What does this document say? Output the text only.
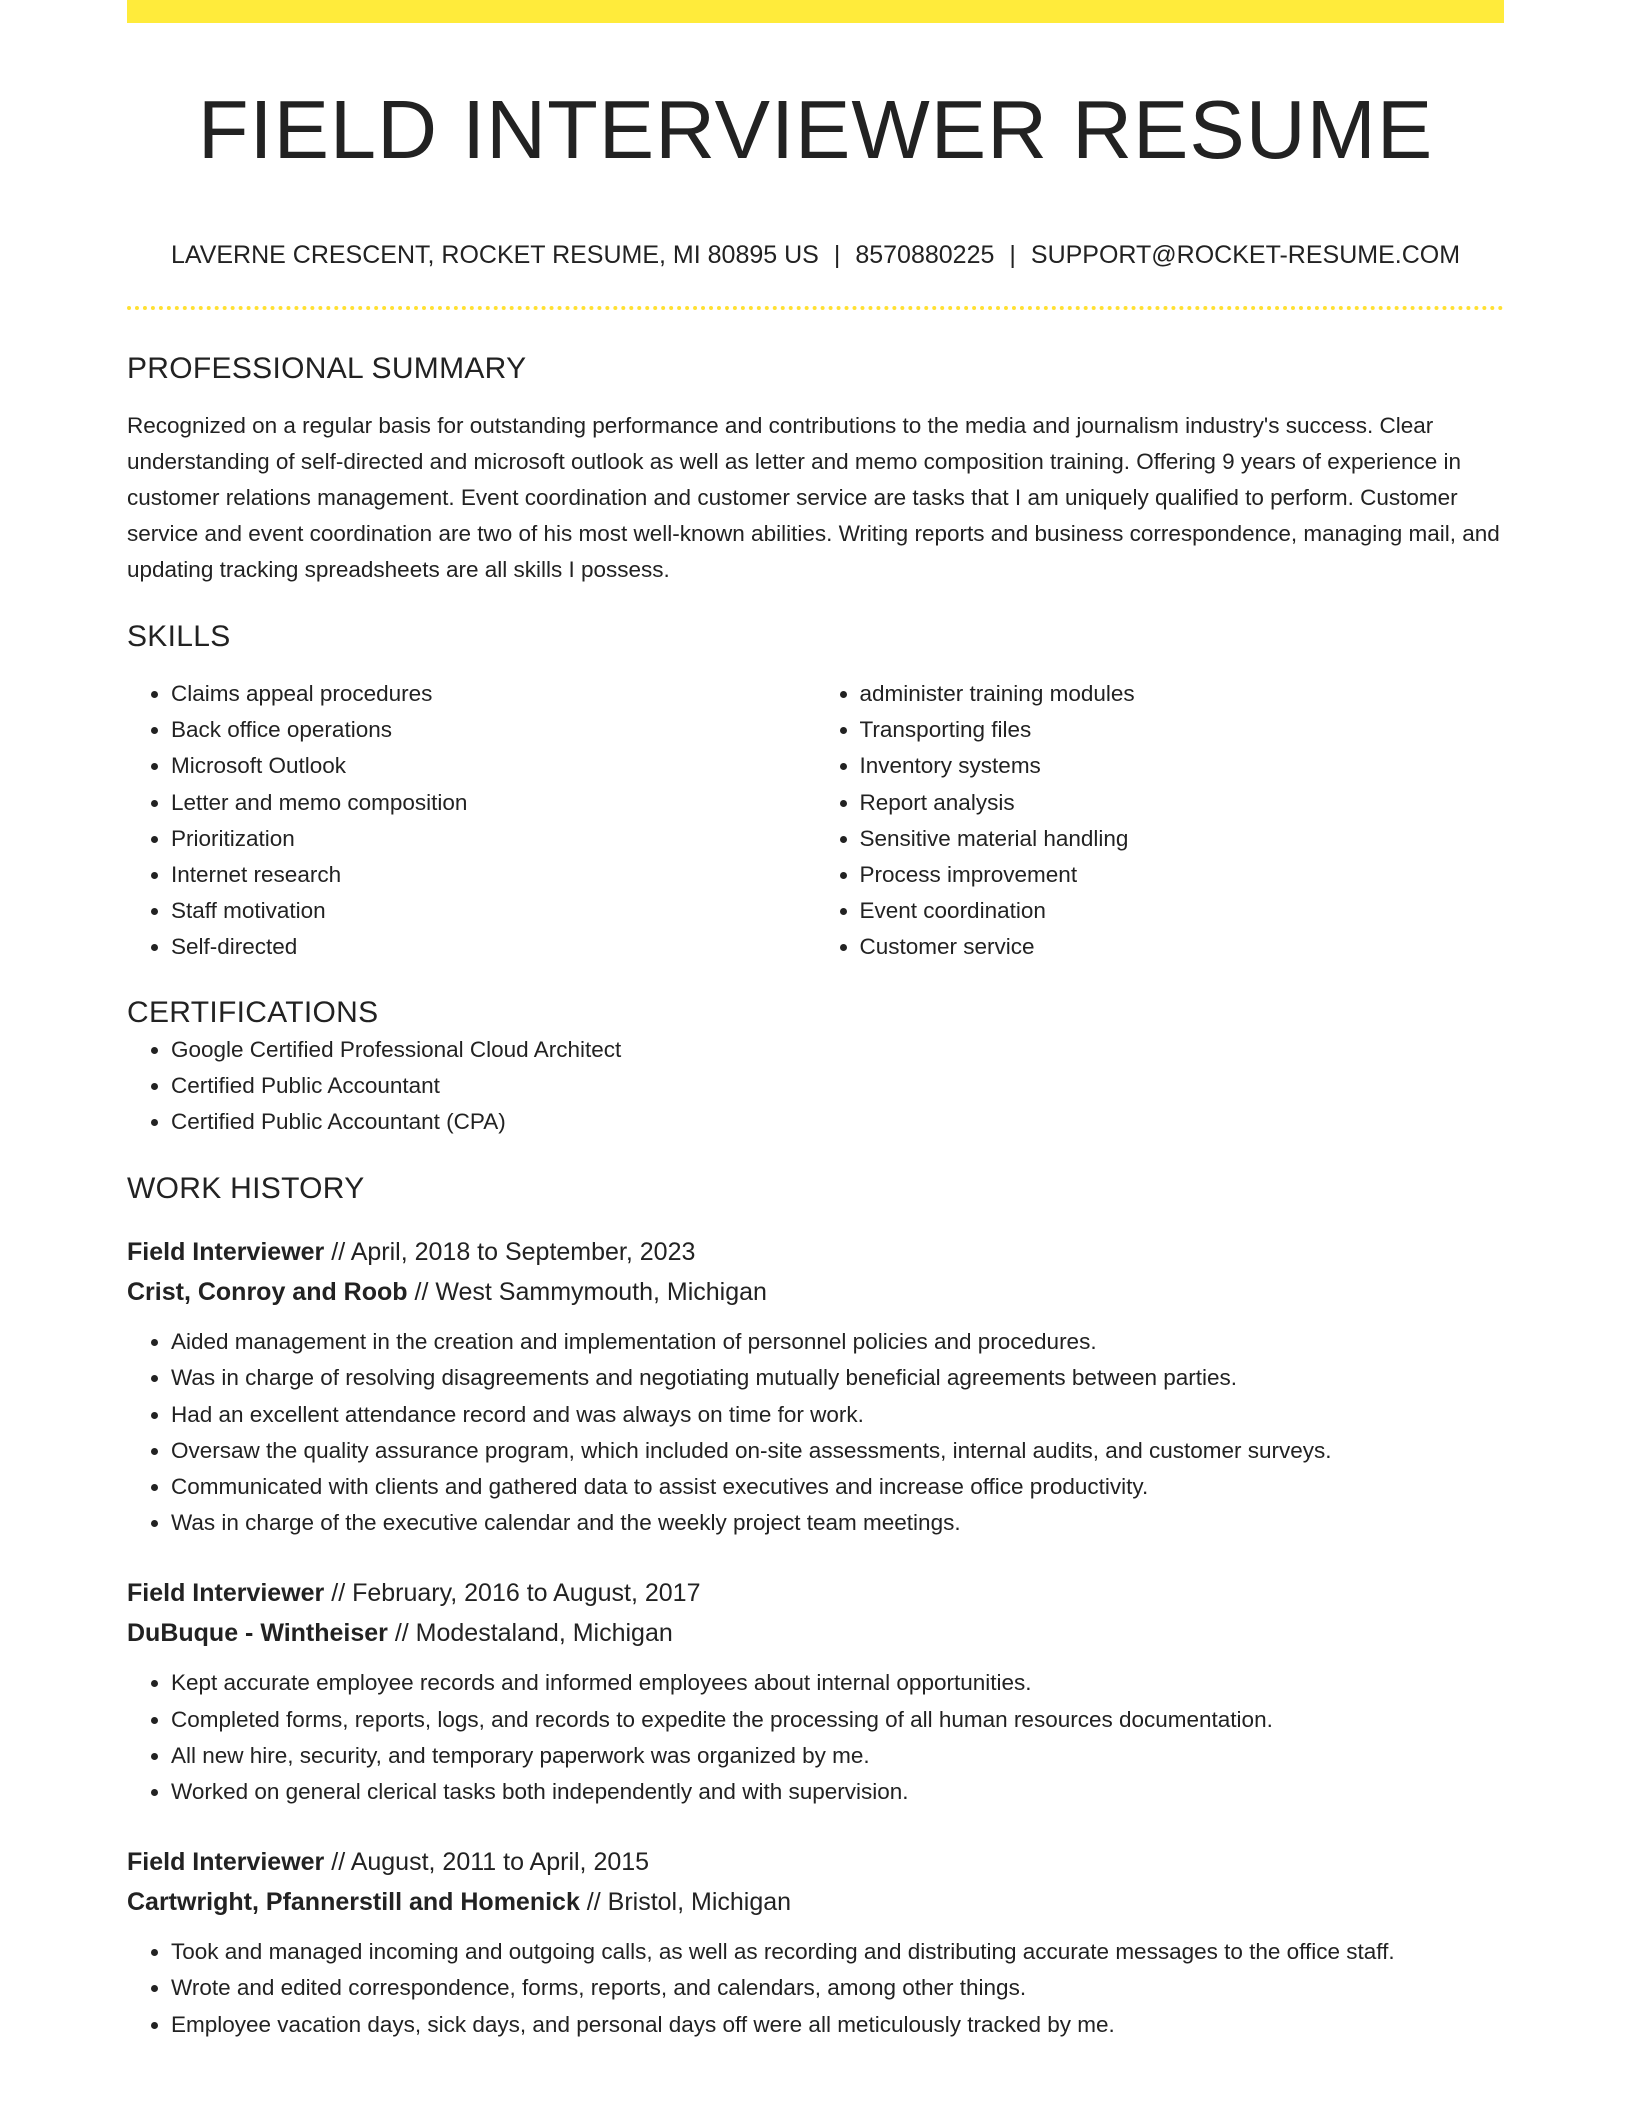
FIELD INTERVIEWER RESUME
LAVERNE CRESCENT, ROCKET RESUME, MI 80895 US | 8570880225 | SUPPORT@ROCKET-RESUME.COM
PROFESSIONAL SUMMARY

Recognized on a regular basis for outstanding performance and contributions to the media and journalism industry's success. Clear understanding of self-directed and microsoft outlook as well as letter and memo composition training. Offering 9 years of experience in customer relations management. Event coordination and customer service are tasks that I am uniquely qualified to perform. Customer service and event coordination are two of his most well-known abilities. Writing reports and business correspondence, managing mail, and updating tracking spreadsheets are all skills I possess.

SKILLS
• Claims appeal procedures
• Back office operations
• Microsoft Outlook
• Letter and memo composition
• Prioritization
• Internet research
• Staff motivation
• Self-directed
• administer training modules
• Transporting files
• Inventory systems
• Report analysis
• Sensitive material handling
• Process improvement
• Event coordination
• Customer service
CERTIFICATIONS
• Google Certified Professional Cloud Architect
• Certified Public Accountant
• Certified Public Accountant (CPA)
WORK HISTORY
Field Interviewer // April, 2018 to September, 2023
Crist, Conroy and Roob // West Sammymouth, Michigan
• Aided management in the creation and implementation of personnel policies and procedures.
• Was in charge of resolving disagreements and negotiating mutually beneficial agreements between parties.
• Had an excellent attendance record and was always on time for work.
• Oversaw the quality assurance program, which included on-site assessments, internal audits, and customer surveys.
• Communicated with clients and gathered data to assist executives and increase office productivity.
• Was in charge of the executive calendar and the weekly project team meetings.
Field Interviewer // February, 2016 to August, 2017
DuBuque - Wintheiser // Modestaland, Michigan
• Kept accurate employee records and informed employees about internal opportunities.
• Completed forms, reports, logs, and records to expedite the processing of all human resources documentation.
• All new hire, security, and temporary paperwork was organized by me.
• Worked on general clerical tasks both independently and with supervision.
Field Interviewer // August, 2011 to April, 2015
Cartwright, Pfannerstill and Homenick // Bristol, Michigan
• Took and managed incoming and outgoing calls, as well as recording and distributing accurate messages to the office staff.
• Wrote and edited correspondence, forms, reports, and calendars, among other things.
• Employee vacation days, sick days, and personal days off were all meticulously tracked by me.
